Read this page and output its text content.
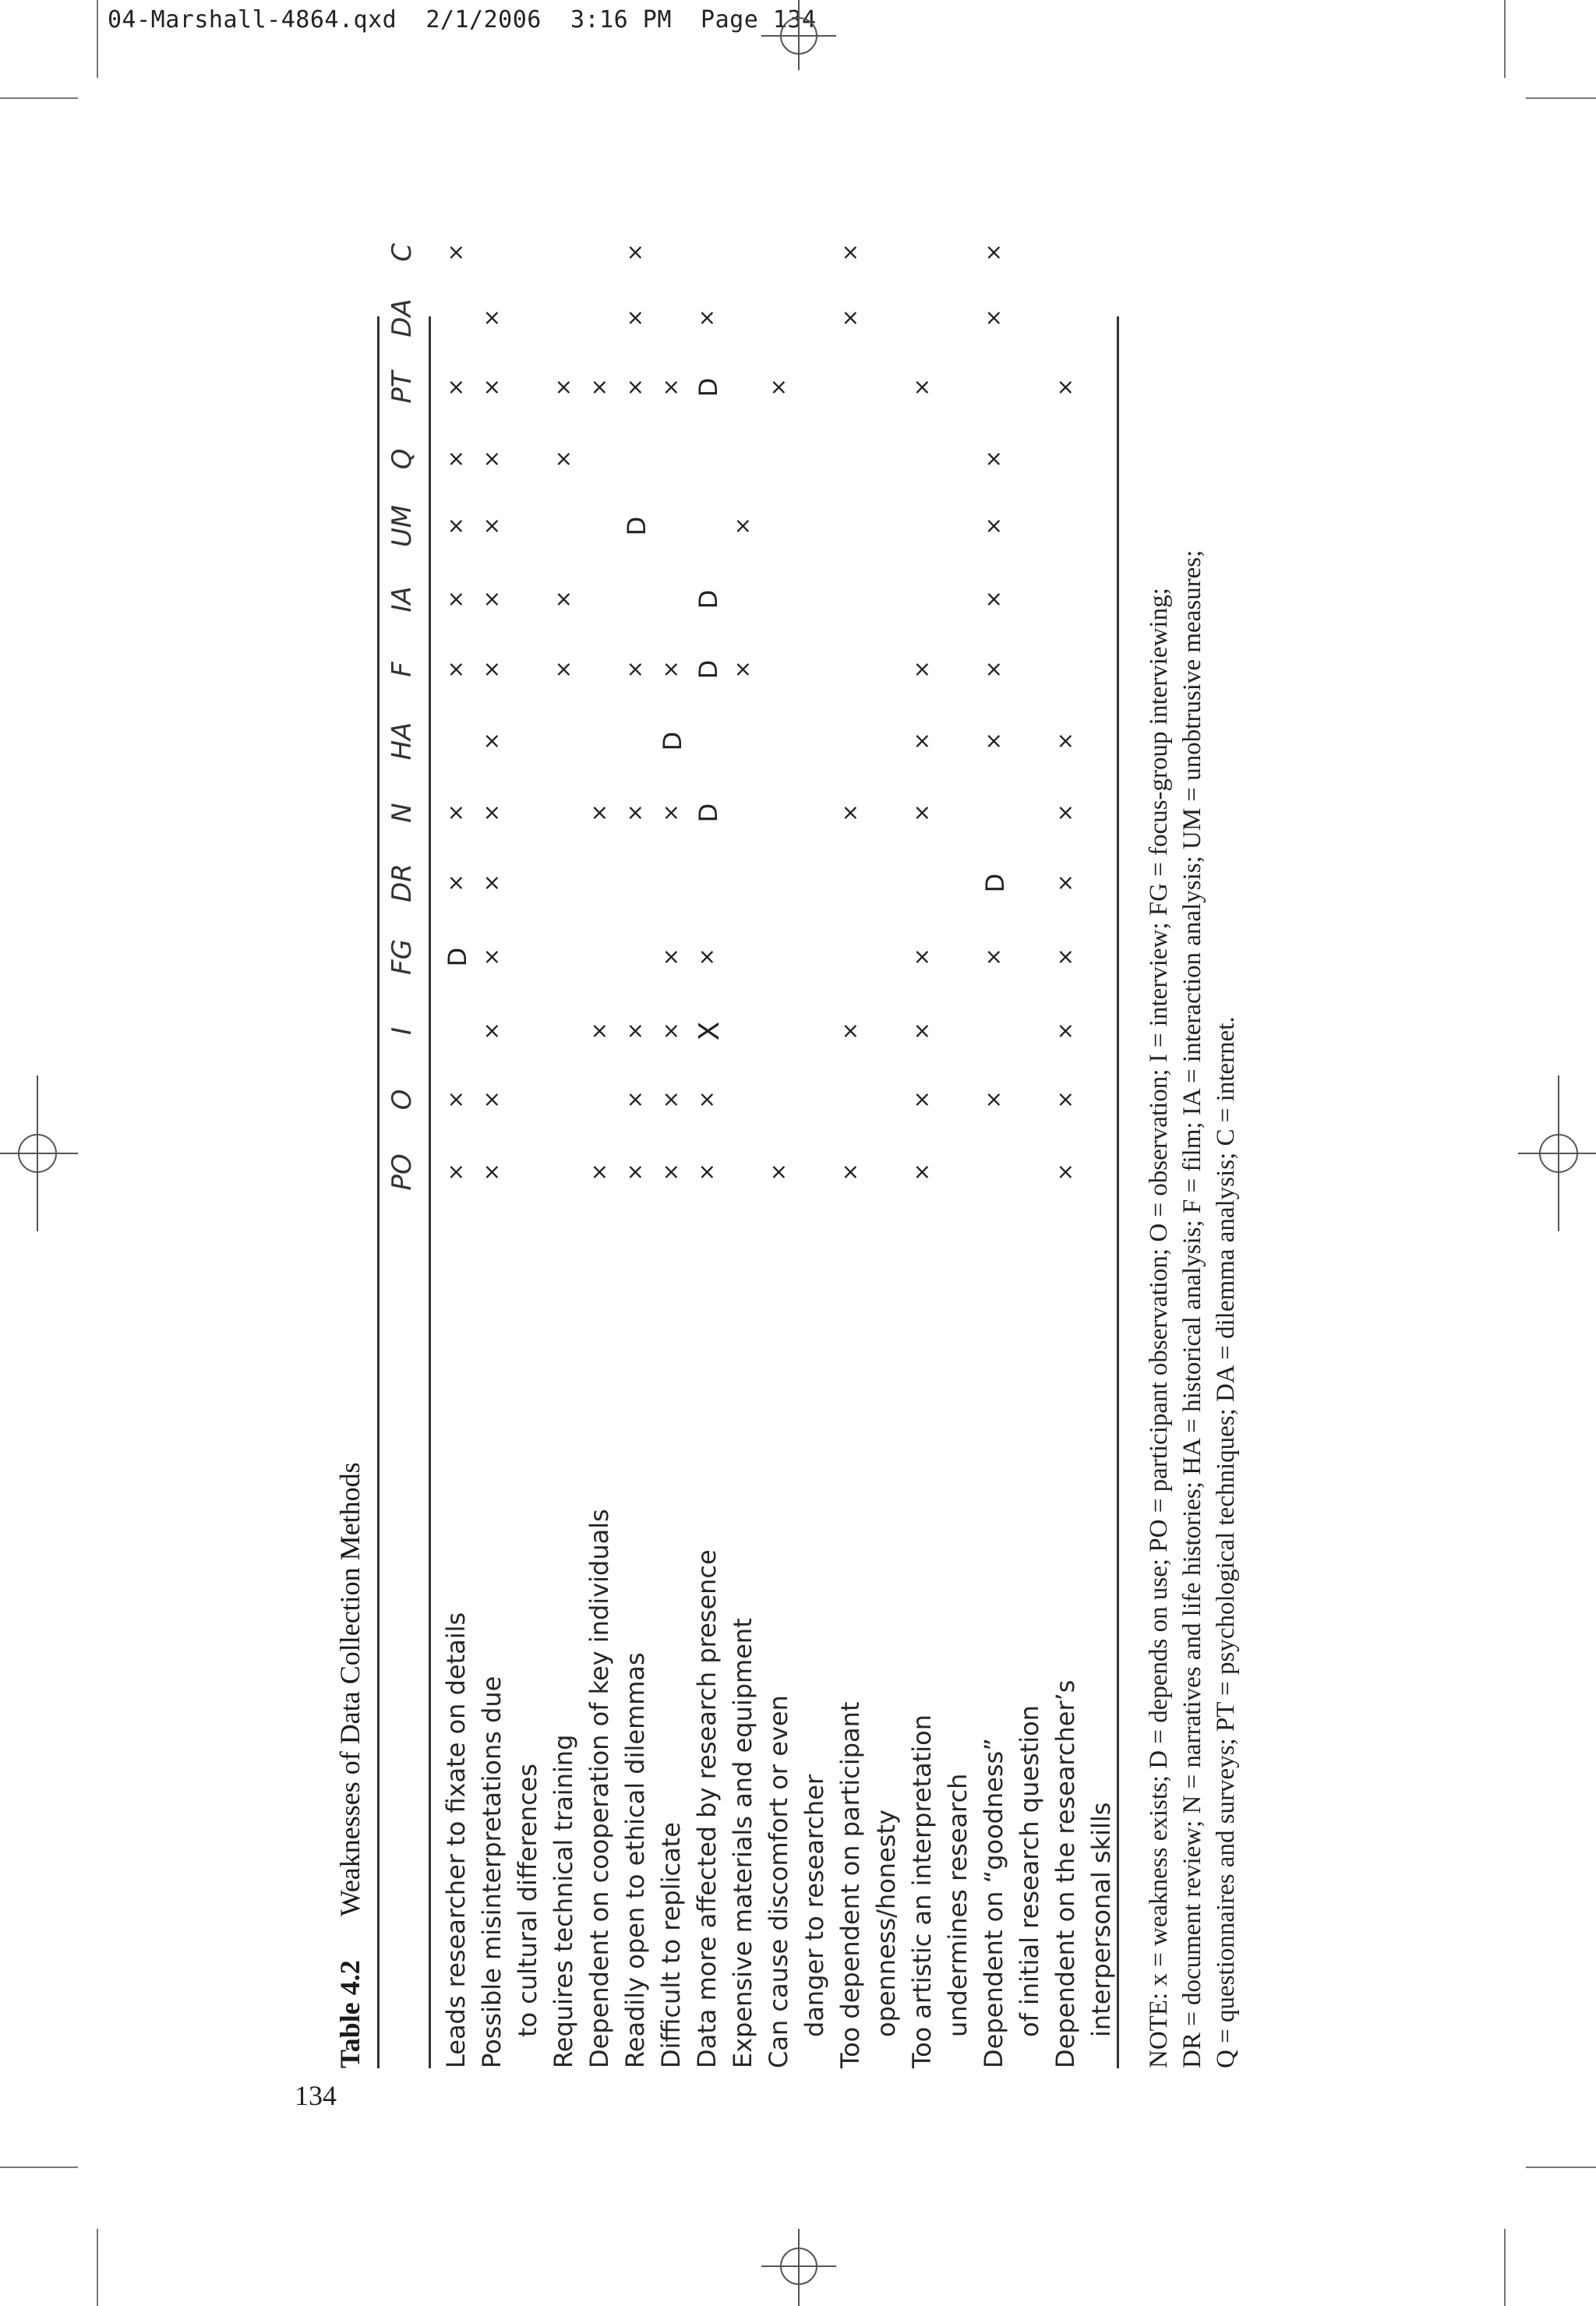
04-Marshall-4864.qxd  2/1/2006  3:16 PM  Page 134
134
Table 4.2Weaknesses of Data Collection Methods	NOTE: x = weakness exists; D = depends on use; PO = participant observation; O = observation; I = interview; FG = focus-group interviewing; DR = document review; N = narratives and life histories; HA = historical analysis; F = film; IA = interaction analysis; UM = unobtrusive measures; Q = questionnaires and surveys; PT = psychological techniques; DA = dilemma analysis; C = internet.
PO
O
I
FG
DR
N
HA
F
IA
UM
Q
PT
DA
C
Leads researcher to fixate on details
×
×
D
×
×
×
×
×
×
×
×
Possible misinterpretations due
×
×
×
×
×
×
×
×
×
×
×
×
×
to cultural differences Requires technical training
×
×
×
×
Dependent on cooperation of key individuals
×
×
×
×
Readily open to ethical dilemmas
×
×
×
×
×
D
×
×
×
Difficult to replicate
×
×
×
×
×
D
×
×
Data more affected by research presence
×
×
X
×
D
D
D
D
×
Expensive materials and equipment
×
×
Can cause discomfort or even
×
×
danger to researcher Too dependent on participant
×
×
×
×
×
openness/honesty Too artistic an interpretation
×
×
×
×
×
×
×
×
undermines research Dependent on “goodness”
×
×
D
×
×
×
×
×
×
×
of initial research question Dependent on the researcher’s
×
×
×
×
×
×
×
×
interpersonal skills
